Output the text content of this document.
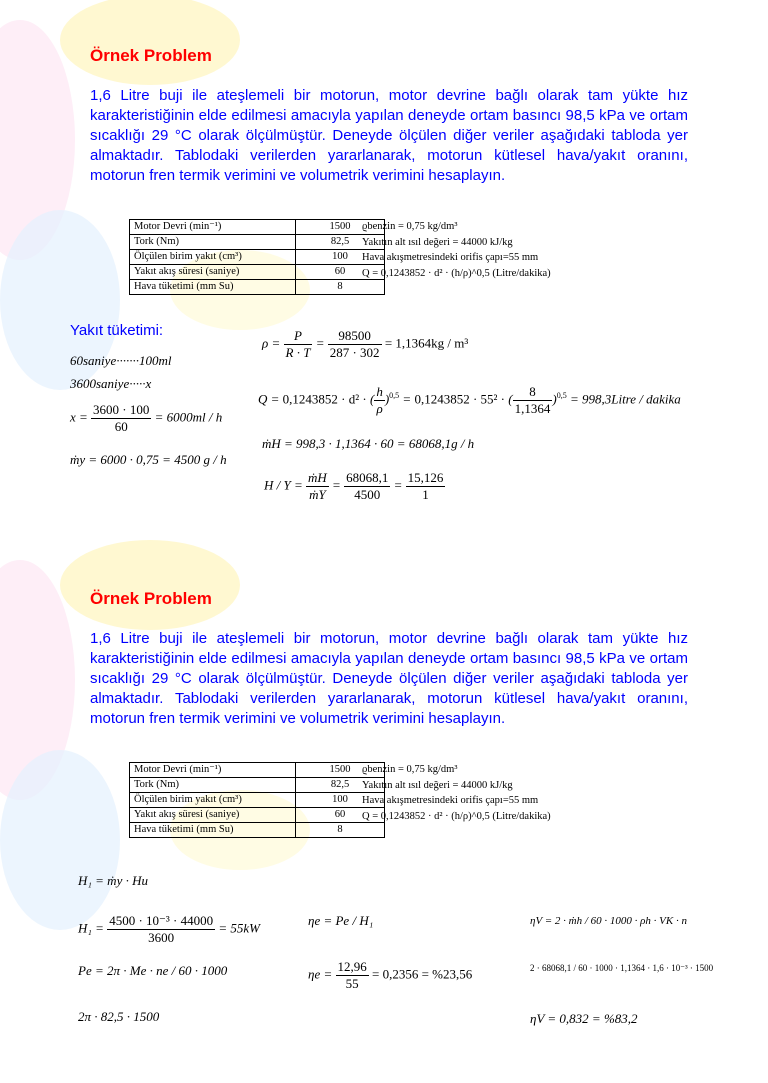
Örnek Problem

1,6 Litre buji ile ateşlemeli bir motorun, motor devrine bağlı olarak tam yükte hız karakteristiğinin elde edilmesi amacıyla yapılan deneyde ortam basıncı 98,5 kPa ve ortam sıcaklığı 29 °C olarak ölçülmüştür. Deneyde ölçülen diğer veriler aşağıdaki tabloda yer almaktadır. Tablodaki verilerden yararlanarak, motorun kütlesel hava/yakıt oranını, motorun fren termik verimini ve volumetrik verimini hesaplayın.

Motor Devri (min⁻¹)	1500
Tork (Nm)	82,5
Ölçülen birim yakıt (cm³)	100
Yakıt akış süresi (saniye)	60
Hava tüketimi (mm Su)	8
ϱbenzin = 0,75 kg/dm³
Yakıtın alt ısıl değeri = 44000 kJ/kg
Hava akışmetresindeki orifis çapı=55 mm
Q = 0,1243852 · d² · (h/ρ)^0,5 (Litre/dakika)
Yakıt tüketimi:
60saniye·······100ml
3600saniye·····x
$x = \frac{3600 \cdot 100}{60} = 6000ml / h$
ṁy = 6000 · 0,75 = 4500 g / h
$\rho = \frac{P}{R \cdot T} = \frac{98500}{287 \cdot 302} = 1,1364kg / m^3$
Q = 0,1243852 · d² · ( $\frac{h}{\rho} )^{0,5} = 0,1243852 \cdot 55^2$ · ( $\frac{8}{1,1364} )^{0,5}$ = 998,3Litre / dakika
ṁH = 998,3 · 1,1364 · 60 = 68068,1g / h
$H / Y = \frac{\text{ṁH}}{\text{ṁY}} = \frac{68068,1}{4500} = \frac{15,126}{1}$
Örnek Problem

1,6 Litre buji ile ateşlemeli bir motorun, motor devrine bağlı olarak tam yükte hız karakteristiğinin elde edilmesi amacıyla yapılan deneyde ortam basıncı 98,5 kPa ve ortam sıcaklığı 29 °C olarak ölçülmüştür. Deneyde ölçülen diğer veriler aşağıdaki tabloda yer almaktadır. Tablodaki verilerden yararlanarak, motorun kütlesel hava/yakıt oranını, motorun fren termik verimini ve volumetrik verimini hesaplayın.

Motor Devri (min⁻¹)	1500
Tork (Nm)	82,5
Ölçülen birim yakıt (cm³)	100
Yakıt akış süresi (saniye)	60
Hava tüketimi (mm Su)	8
ϱbenzin = 0,75 kg/dm³
Yakıtın alt ısıl değeri = 44000 kJ/kg
Hava akışmetresindeki orifis çapı=55 mm
Q = 0,1243852 · d² · (h/ρ)^0,5 (Litre/dakika)
H₁ = ṁy · Hu
$H_1 = \frac{\text{4500 · 10⁻³ · 44000}}{3600} = 55kW$
Pe = 2π · Me · ne / 60 · 1000
2π · 82,5 · 1500
ηe = Pe / H₁
$\eta e = \frac{12,96}{55} = 0,2356 = \%23,56$
ηV = 2 · ṁh / 60 · 1000 · ρh · VK · n
2 · 68068,1 / 60 · 1000 · 1,1364 · 1,6 · 10⁻³ · 1500
ηV = 0,832 = %83,2
